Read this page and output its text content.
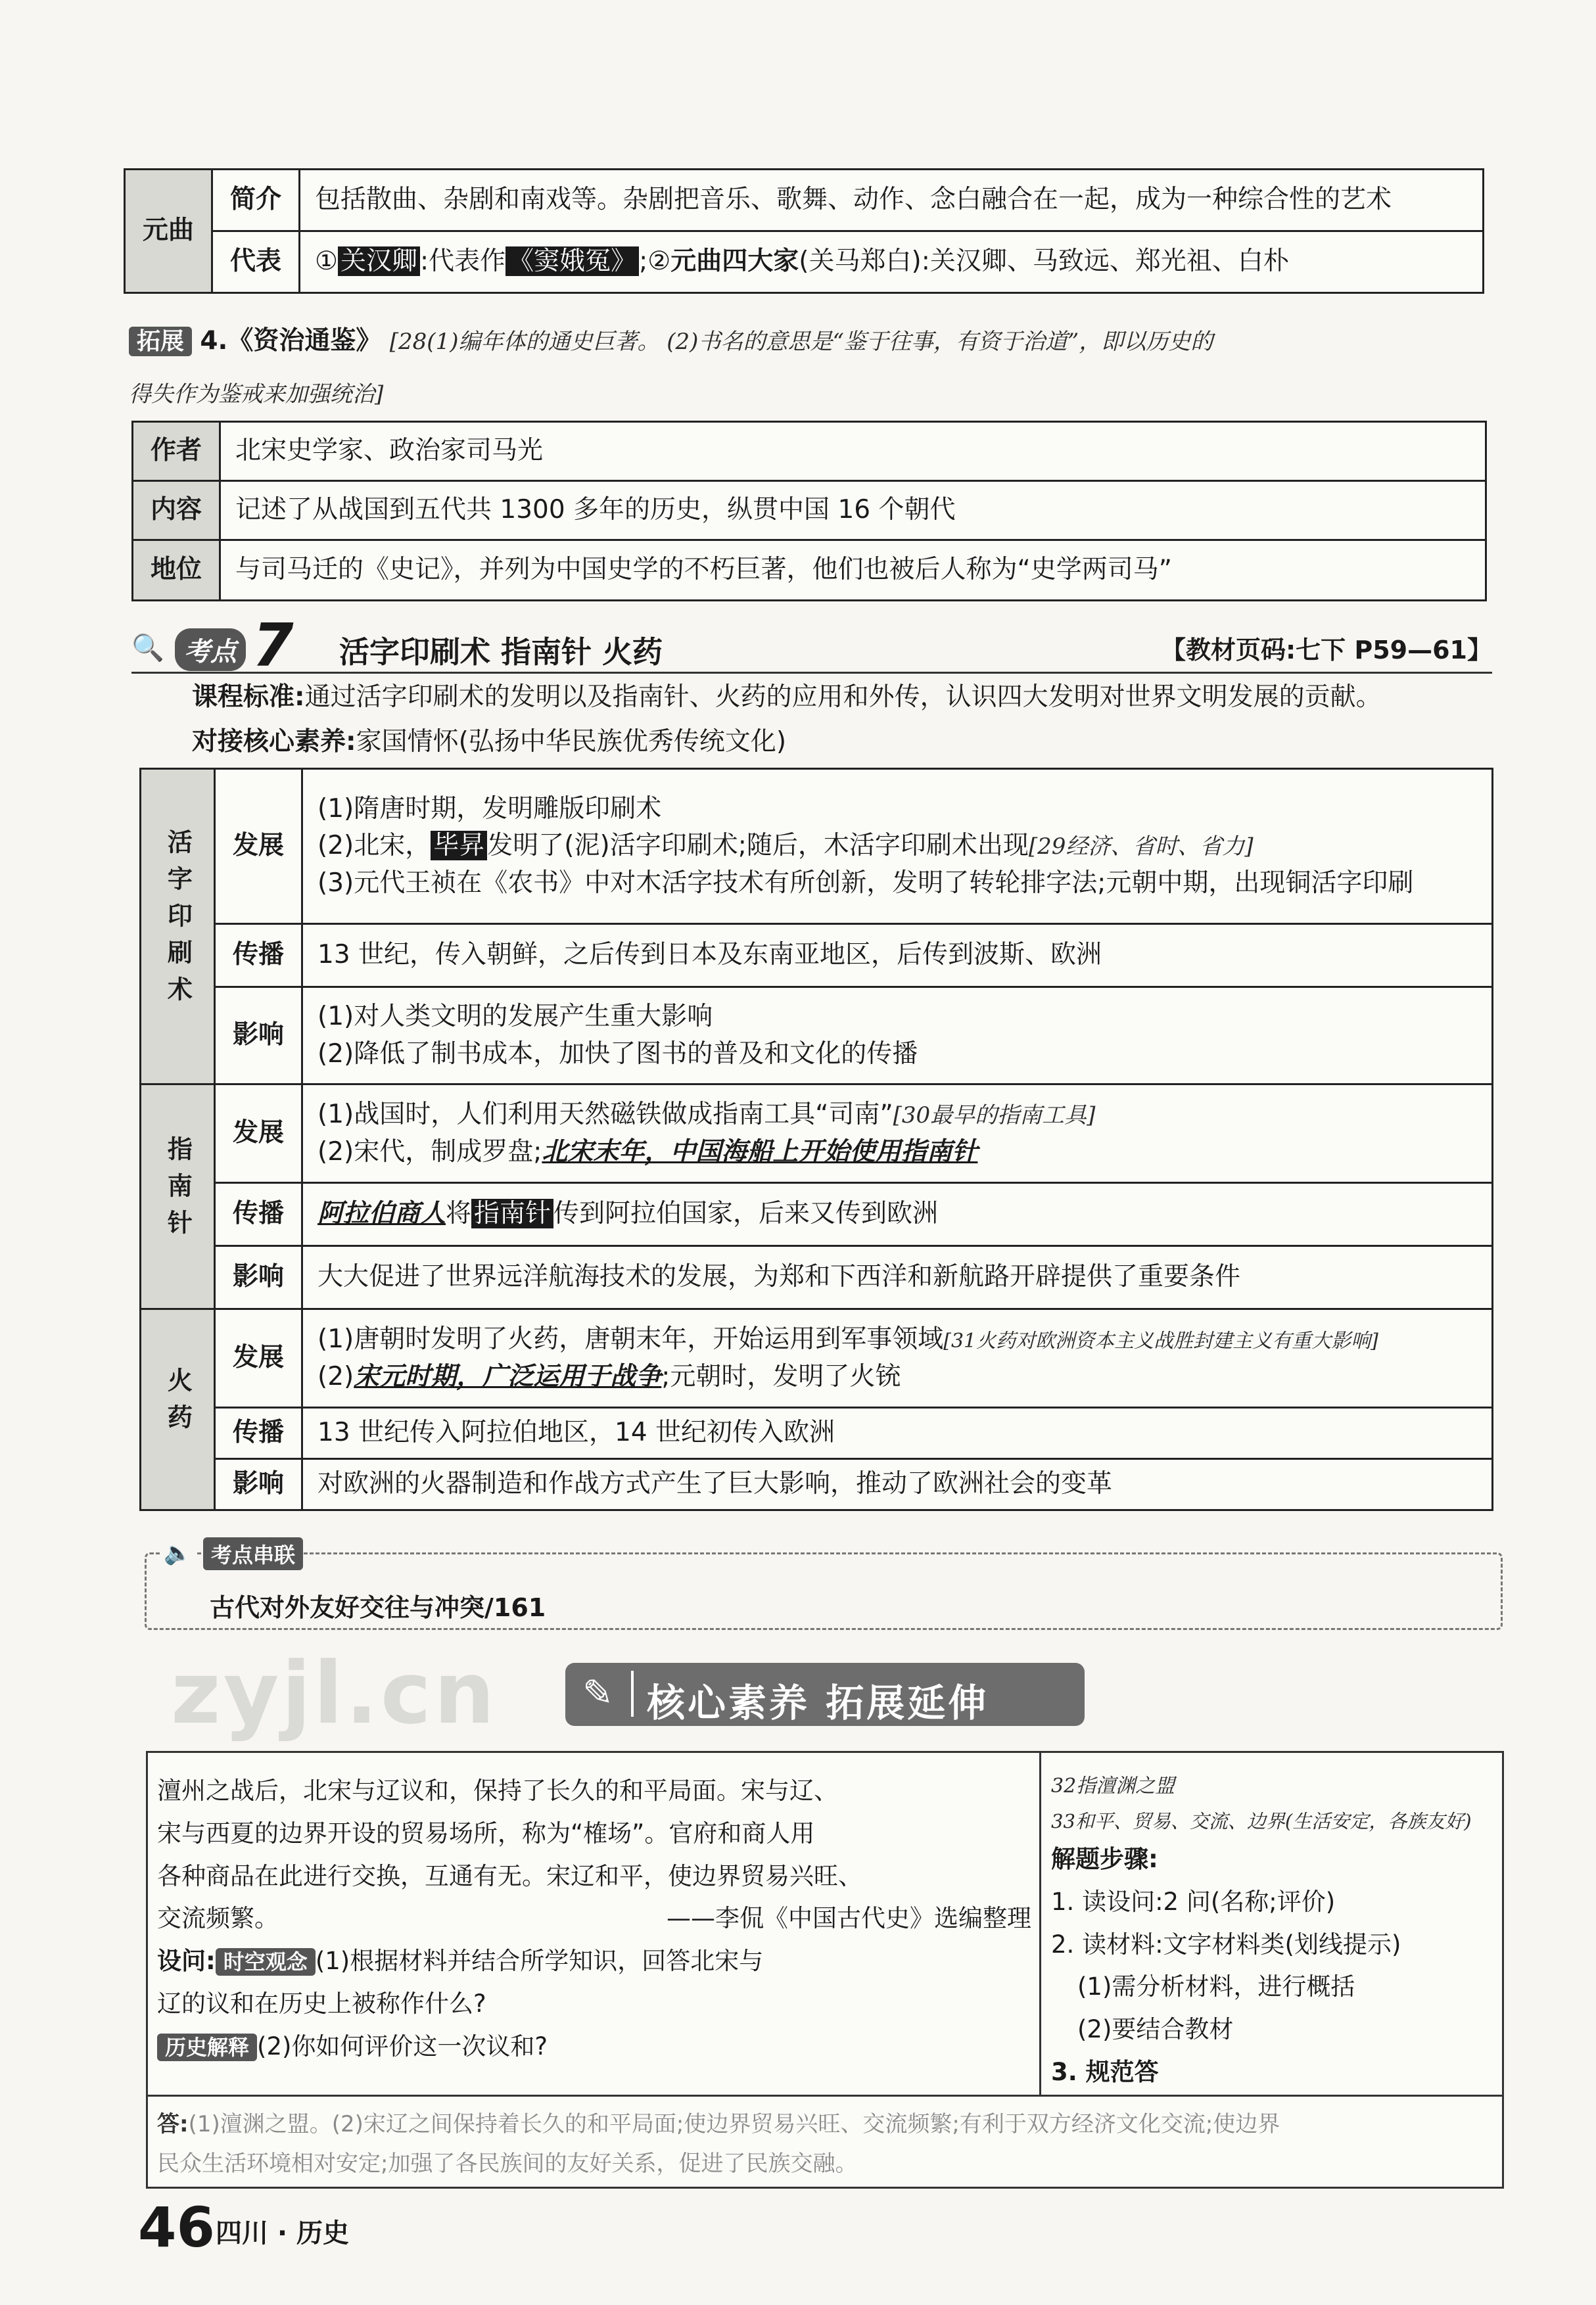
元曲	简介	包括散曲、杂剧和南戏等。杂剧把音乐、歌舞、动作、念白融合在一起，成为一种综合性的艺术
	代表	① 关汉卿 :代表作 《窦娥冤》 ;②元曲四大家(关马郑白):关汉卿、马致远、郑光祖、白朴
拓展 4.《资治通鉴》 [28(1)编年体的通史巨著。 (2)书名的意思是“鉴于往事，有资于治道”，即以历史的
得失作为鉴戒来加强统治]
作者	北宋史学家、政治家司马光
内容	记述了从战国到五代共 1300 多年的历史，纵贯中国 16 个朝代
地位	与司马迁的《史记》，并列为中国史学的不朽巨著，他们也被后人称为“史学两司马”
🔍 考点 7 活字印刷术 指南针 火药	【教材页码:七下 P59—61】
课程标准:通过活字印刷术的发明以及指南针、火药的应用和外传，认识四大发明对世界文明发展的贡献。
对接核心素养:家国情怀(弘扬中华民族优秀传统文化)
活字印刷术	发展	(1)隋唐时期，发明雕版印刷术
(2)北宋， 毕昇 发明了(泥)活字印刷术;随后，木活字印刷术出现[29经济、省时、省力]
(3)元代王祯在《农书》中对木活字技术有所创新，发明了转轮排字法;元朝中期，出现铜活字印刷

	传播	13 世纪，传入朝鲜，之后传到日本及东南亚地区，后传到波斯、欧洲
	影响	(1)对人类文明的发展产生重大影响
(2)降低了制书成本，加快了图书的普及和文化的传播

指南针	发展	(1)战国时，人们利用天然磁铁做成指南工具“司南”[30最早的指南工具]
(2)宋代，制成罗盘;北宋末年，中国海船上开始使用指南针

	传播	阿拉伯商人将 指南针 传到阿拉伯国家，后来又传到欧洲
	影响	大大促进了世界远洋航海技术的发展，为郑和下西洋和新航路开辟提供了重要条件
火药	发展	(1)唐朝时发明了火药，唐朝末年，开始运用到军事领域[31火药对欧洲资本主义战胜封建主义有重大影响]
(2)宋元时期，广泛运用于战争;元朝时，发明了火铳

	传播	13 世纪传入阿拉伯地区，14 世纪初传入欧洲
	影响	对欧洲的火器制造和作战方式产生了巨大影响，推动了欧洲社会的变革
🔈 考点串联
古代对外友好交往与冲突/161
zyjl.cn ✎ 核心素养 拓展延伸
澶州之战后，北宋与辽议和，保持了长久的和平局面。宋与辽、
宋与西夏的边界开设的贸易场所，称为“榷场”。官府和商人用
各种商品在此进行交换，互通有无。宋辽和平，使边界贸易兴旺、
交流频繁。	——李侃《中国古代史》选编整理
设问: 时空观念 (1)根据材料并结合所学知识，回答北宋与
辽的议和在历史上被称作什么?
历史解释 (2)你如何评价这一次议和?
32指澶渊之盟
33和平、贸易、交流、边界(生活安定，各族友好)
解题步骤:
1. 读设问:2 问(名称;评价)
2. 读材料:文字材料类(划线提示)
(1)需分析材料，进行概括
(2)要结合教材
3. 规范答
答:(1)澶渊之盟。(2)宋辽之间保持着长久的和平局面;使边界贸易兴旺、交流频繁;有利于双方经济文化交流;使边界
民众生活环境相对安定;加强了各民族间的友好关系，促进了民族交融。
46 四川 · 历史
